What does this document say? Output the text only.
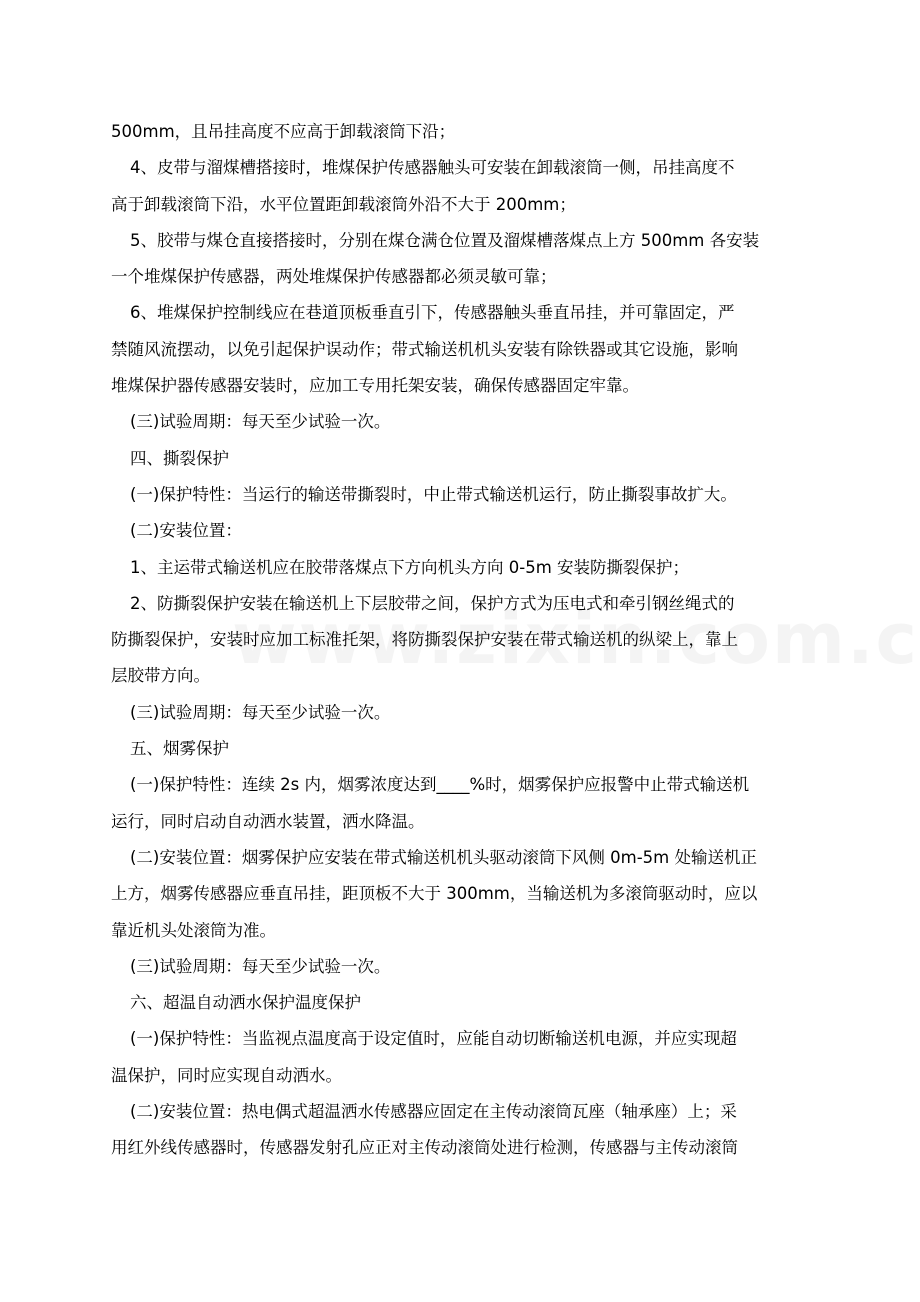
500mm，且吊挂高度不应高于卸载滚筒下沿；
4、皮带与溜煤槽搭接时，堆煤保护传感器触头可安装在卸载滚筒一侧，吊挂高度不
高于卸载滚筒下沿，水平位置距卸载滚筒外沿不大于 200mm；
5、胶带与煤仓直接搭接时，分别在煤仓满仓位置及溜煤槽落煤点上方 500mm 各安装
一个堆煤保护传感器，两处堆煤保护传感器都必须灵敏可靠；
6、堆煤保护控制线应在巷道顶板垂直引下，传感器触头垂直吊挂，并可靠固定，严
禁随风流摆动，以免引起保护误动作；带式输送机机头安装有除铁器或其它设施，影响
堆煤保护器传感器安装时，应加工专用托架安装，确保传感器固定牢靠。
(三)试验周期：每天至少试验一次。
四、撕裂保护
(一)保护特性：当运行的输送带撕裂时，中止带式输送机运行，防止撕裂事故扩大。
(二)安装位置：
1、主运带式输送机应在胶带落煤点下方向机头方向 0-5m 安装防撕裂保护；
2、防撕裂保护安装在输送机上下层胶带之间，保护方式为压电式和牵引钢丝绳式的
防撕裂保护，安装时应加工标准托架，将防撕裂保护安装在带式输送机的纵梁上，靠上
层胶带方向。
(三)试验周期：每天至少试验一次。
五、烟雾保护
(一)保护特性：连续 2s 内，烟雾浓度达到____%时，烟雾保护应报警中止带式输送机
运行，同时启动自动洒水装置，洒水降温。
(二)安装位置：烟雾保护应安装在带式输送机机头驱动滚筒下风侧 0m-5m 处输送机正
上方，烟雾传感器应垂直吊挂，距顶板不大于 300mm，当输送机为多滚筒驱动时，应以
靠近机头处滚筒为准。
(三)试验周期：每天至少试验一次。
六、超温自动洒水保护温度保护
(一)保护特性：当监视点温度高于设定值时，应能自动切断输送机电源，并应实现超
温保护，同时应实现自动洒水。
(二)安装位置：热电偶式超温洒水传感器应固定在主传动滚筒瓦座（轴承座）上；采
用红外线传感器时，传感器发射孔应正对主传动滚筒处进行检测，传感器与主传动滚筒
